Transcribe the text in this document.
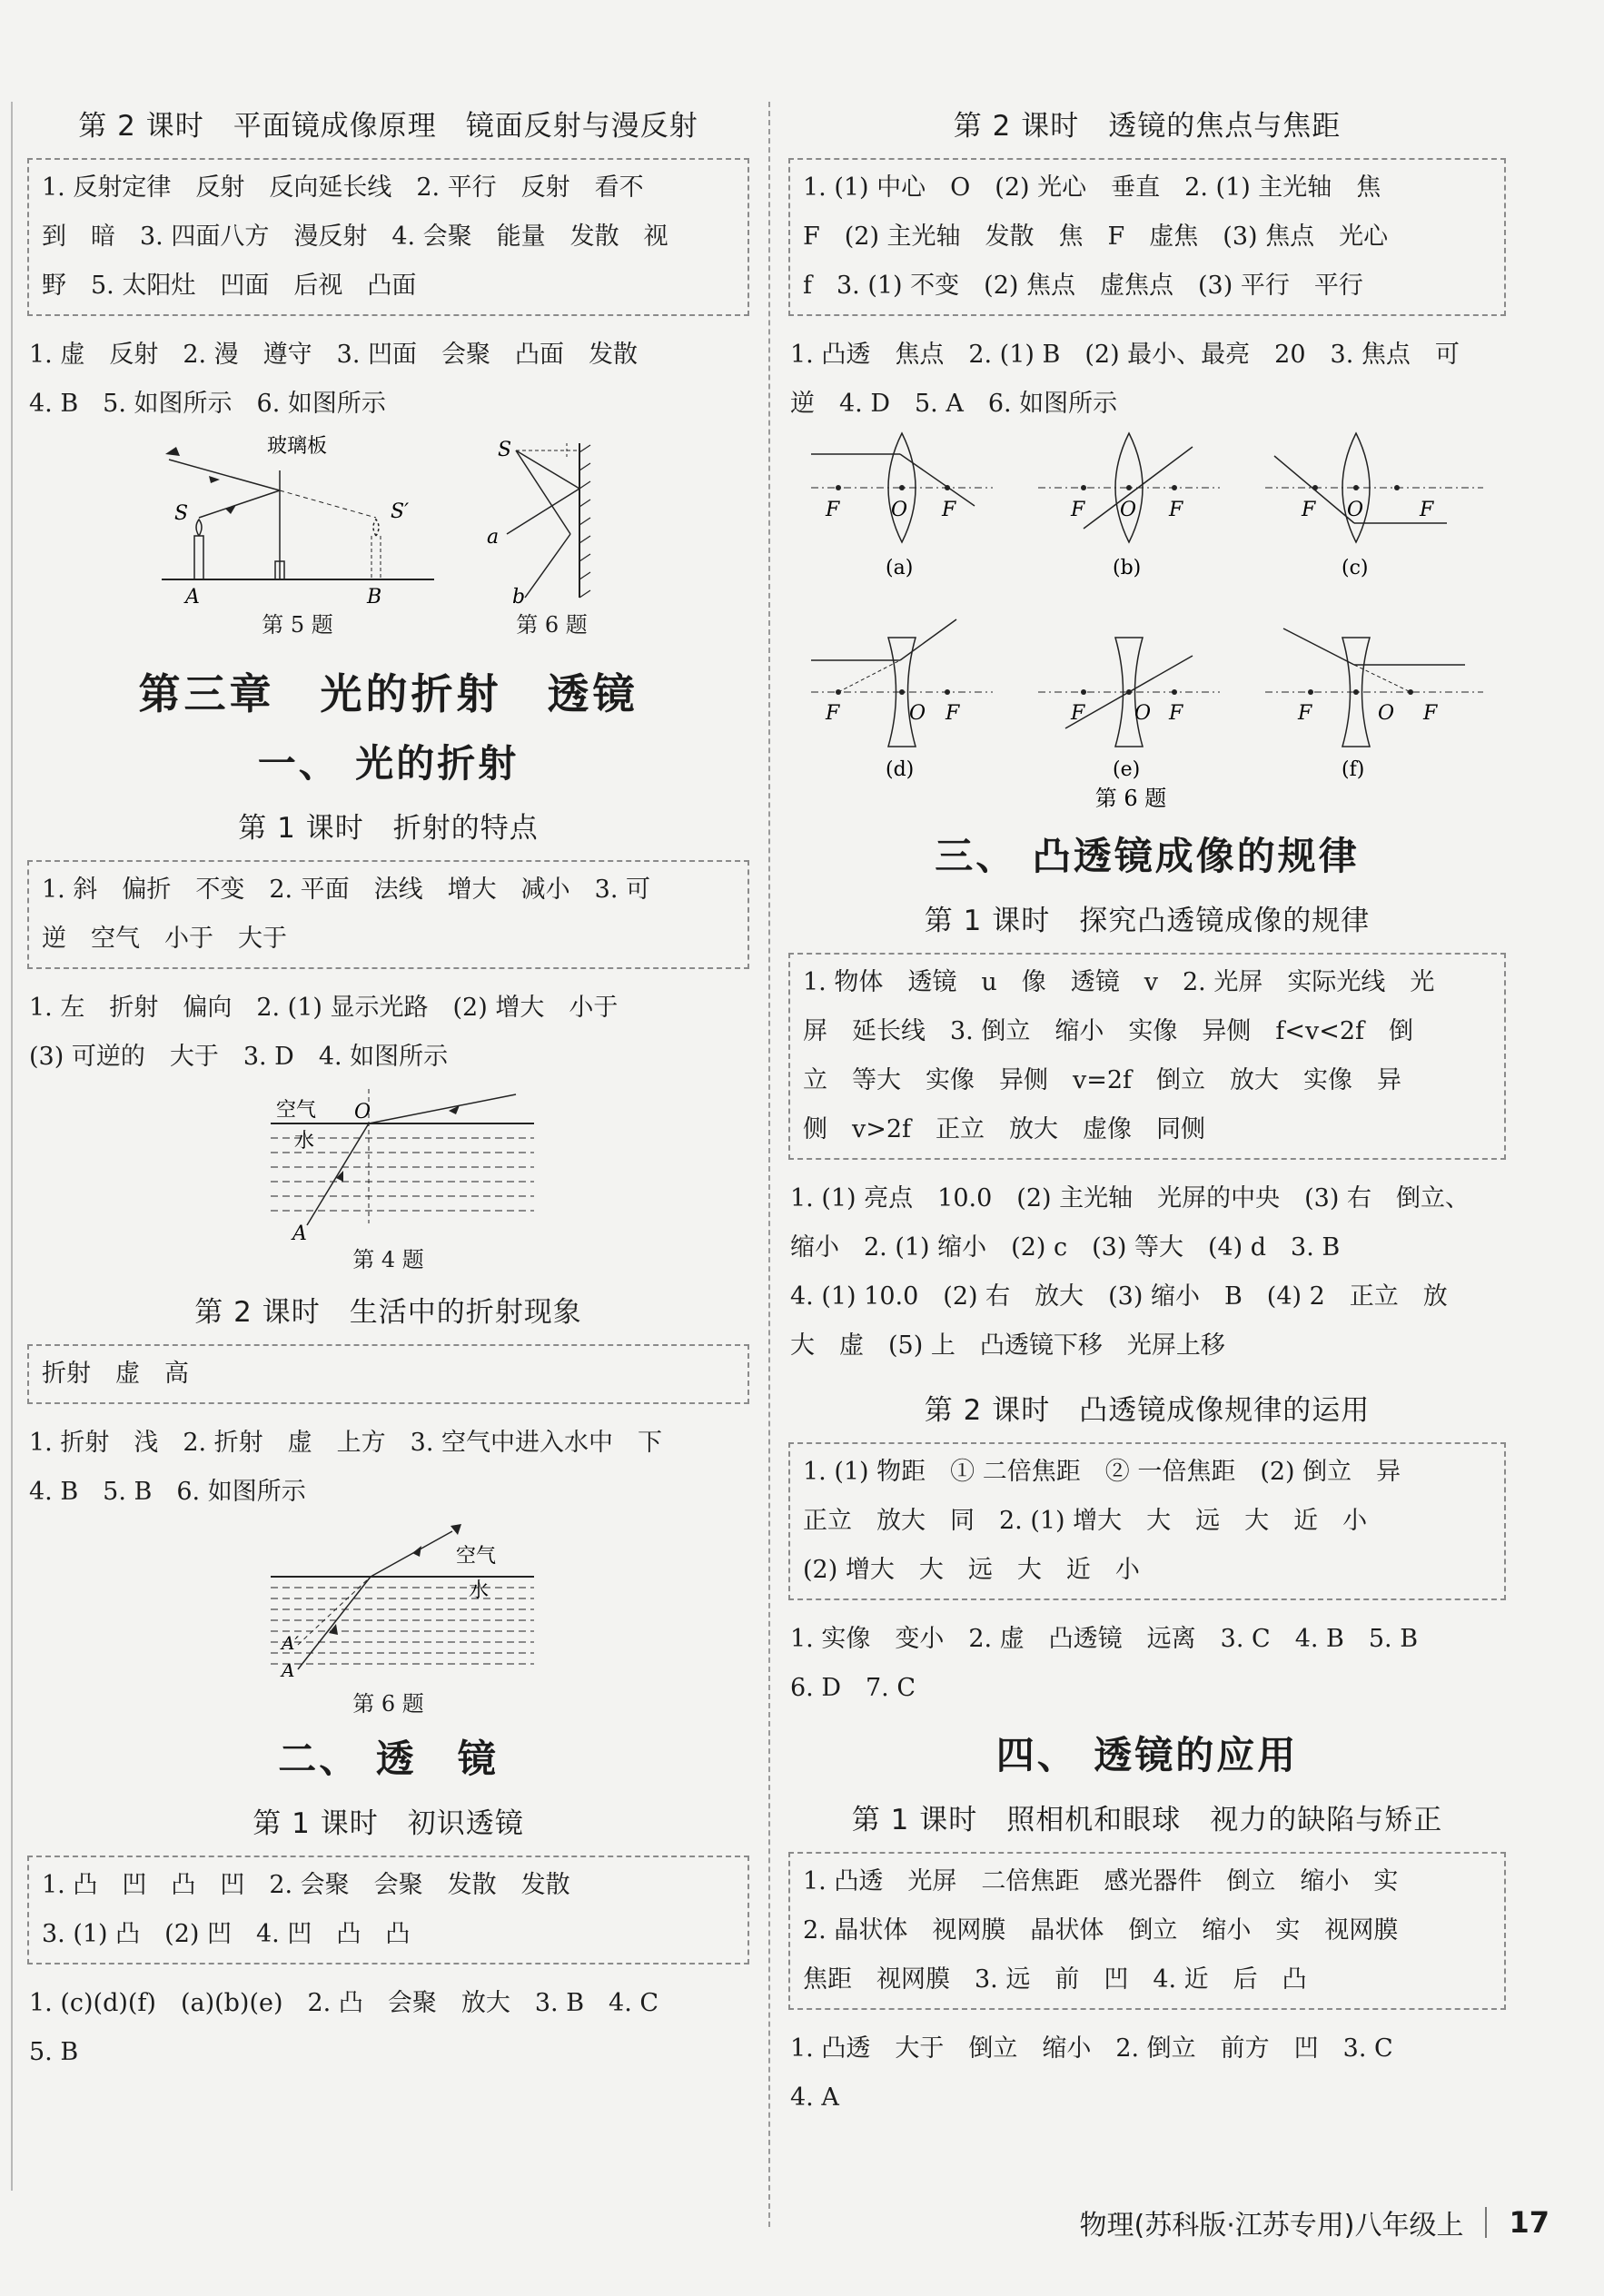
第 2 课时　平面镜成像原理　镜面反射与漫反射
1. 反射定律　反射　反向延长线　2. 平行　反射　看不
到　暗　3. 四面八方　漫反射　4. 会聚　能量　发散　视
野　5. 太阳灶　凹面　后视　凸面
1. 虚　反射　2. 漫　遵守　3. 凹面　会聚　凸面　发散
4. B　5. 如图所示　6. 如图所示
玻璃板
S	S′
A	B
第 5 题
S
a
b
第 6 题
第三章　光的折射　透镜
一、 光的折射
第 1 课时　折射的特点
1. 斜　偏折　不变　2. 平面　法线　增大　减小　3. 可
逆　空气　小于　大于
1. 左　折射　偏向　2. (1) 显示光路　(2) 增大　小于
(3) 可逆的　大于　3. D　4. 如图所示
空气
水
O
A
第 4 题
第 2 课时　生活中的折射现象
折射　虚　高
1. 折射　浅　2. 折射　虚　上方　3. 空气中进入水中　下
4. B　5. B　6. 如图所示
空气
水
A′
A
第 6 题
二、 透　镜
第 1 课时　初识透镜
1. 凸　凹　凸　凹　2. 会聚　会聚　发散　发散
3. (1) 凸　(2) 凹　4. 凹　凸　凸
1. (c)(d)(f)　(a)(b)(e)　2. 凸　会聚　放大　3. B　4. C
5. B
第 2 课时　透镜的焦点与焦距
1. (1) 中心　O　(2) 光心　垂直　2. (1) 主光轴　焦
F　(2) 主光轴　发散　焦　F　虚焦　(3) 焦点　光心
f　3. (1) 不变　(2) 焦点　虚焦点　(3) 平行　平行
1. 凸透　焦点　2. (1) B　(2) 最小、最亮　20　3. 焦点　可
逆　4. D　5. A　6. 如图所示
F	O F
(a)
F O F
(b)
F O	F
(c)
F	O F
(d)
F O F
(e)
F	O F
(f)
第 6 题
三、 凸透镜成像的规律
第 1 课时　探究凸透镜成像的规律
1. 物体　透镜　u　像　透镜　v　2. 光屏　实际光线　光
屏　延长线　3. 倒立　缩小　实像　异侧　f<v<2f　倒
立　等大　实像　异侧　v=2f　倒立　放大　实像　异
侧　v>2f　正立　放大　虚像　同侧
1. (1) 亮点　10.0　(2) 主光轴　光屏的中央　(3) 右　倒立、
缩小　2. (1) 缩小　(2) c　(3) 等大　(4) d　3. B
4. (1) 10.0　(2) 右　放大　(3) 缩小　B　(4) 2　正立　放
大　虚　(5) 上　凸透镜下移　光屏上移
第 2 课时　凸透镜成像规律的运用
1. (1) 物距　① 二倍焦距　② 一倍焦距　(2) 倒立　异
正立　放大　同　2. (1) 增大　大　远　大　近　小
(2) 增大　大　远　大　近　小
1. 实像　变小　2. 虚　凸透镜　远离　3. C　4. B　5. B
6. D　7. C
四、 透镜的应用
第 1 课时　照相机和眼球　视力的缺陷与矫正
1. 凸透　光屏　二倍焦距　感光器件　倒立　缩小　实
2. 晶状体　视网膜　晶状体　倒立　缩小　实　视网膜
焦距　视网膜　3. 远　前　凹　4. 近　后　凸
1. 凸透　大于　倒立　缩小　2. 倒立　前方　凹　3. C
4. A
物理(苏科版·江苏专用)八年级上 17
